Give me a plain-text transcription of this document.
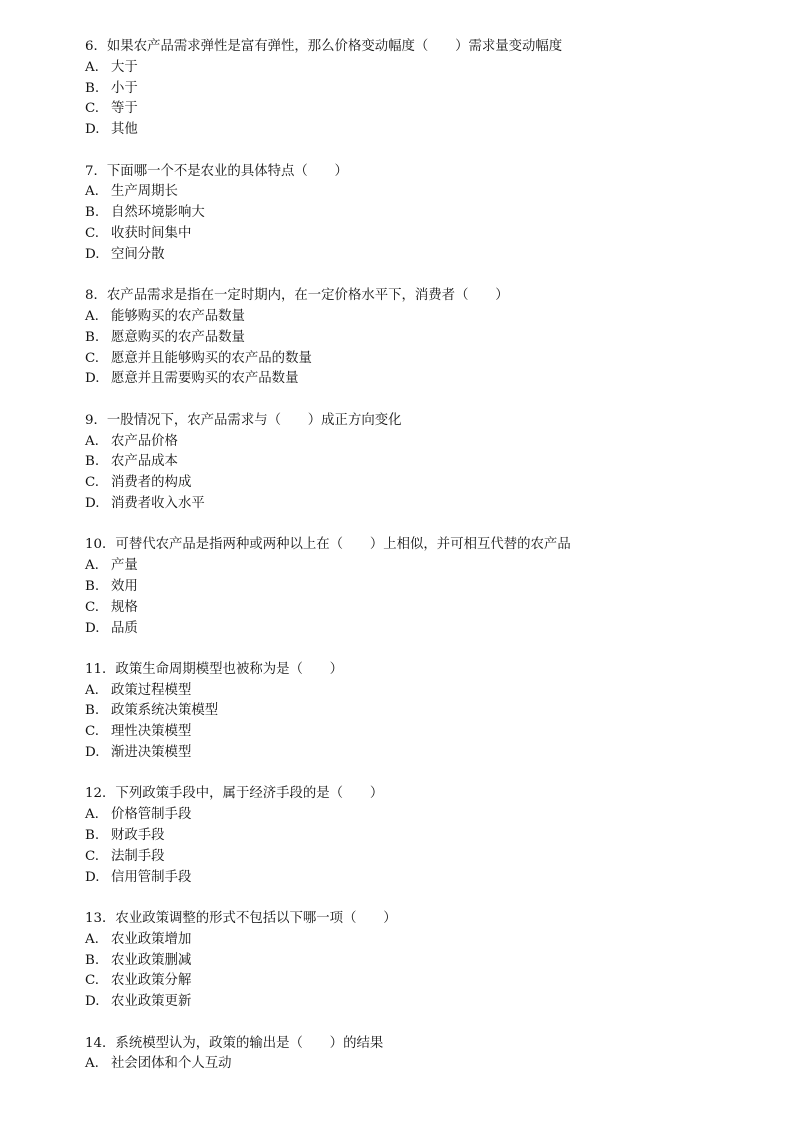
6．如果农产品需求弹性是富有弹性，那么价格变动幅度（　　）需求量变动幅度
A. 大于
B. 小于
C. 等于
D. 其他
7．下面哪一个不是农业的具体特点（　　）
A. 生产周期长
B. 自然环境影响大
C. 收获时间集中
D. 空间分散
8．农产品需求是指在一定时期内，在一定价格水平下，消费者（　　）
A. 能够购买的农产品数量
B. 愿意购买的农产品数量
C. 愿意并且能够购买的农产品的数量
D. 愿意并且需要购买的农产品数量
9．一股情况下，农产品需求与（　　）成正方向变化
A. 农产品价格
B. 农产品成本
C. 消费者的构成
D. 消费者收入水平
10．可替代农产品是指两种或两种以上在（　　）上相似，并可相互代替的农产品
A. 产量
B. 效用
C. 规格
D. 品质
11．政策生命周期模型也被称为是（　　）
A. 政策过程模型
B. 政策系统决策模型
C. 理性决策模型
D. 渐进决策模型
12．下列政策手段中，属于经济手段的是（　　）
A. 价格管制手段
B. 财政手段
C. 法制手段
D. 信用管制手段
13．农业政策调整的形式不包括以下哪一项（　　）
A. 农业政策增加
B. 农业政策删减
C. 农业政策分解
D. 农业政策更新
14．系统模型认为，政策的输出是（　　）的结果
A. 社会团体和个人互动
